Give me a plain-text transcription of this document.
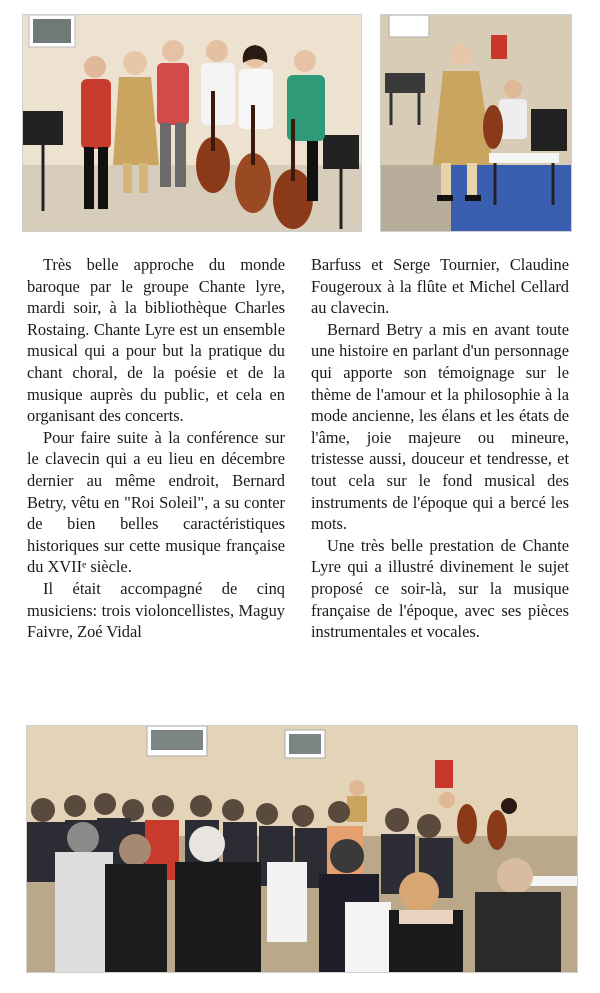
Très belle approche du monde baroque par le groupe Chante lyre, mardi soir, à la bibliothèque Charles Rostaing. Chante Lyre est un ensemble musical qui a pour but la pratique du chant choral, de la poésie et de la musique auprès du public, et cela en organisant des concerts.

Pour faire suite à la conférence sur le clavecin qui a eu lieu en décembre dernier au même endroit, Bernard Betry, vêtu en "Roi Soleil", a su conter de bien belles caractéristiques historiques sur cette musique française du XVIIᵉ siècle.

Il était accompagné de cinq musiciens: trois violoncellistes, Maguy Faivre, Zoé Vidal

Barfuss et Serge Tournier, Claudine Fougeroux à la flûte et Michel Cellard au clavecin.

Bernard Betry a mis en avant toute une histoire en parlant d'un personnage qui apporte son témoignage sur le thème de l'amour et la philosophie à la mode ancienne, les élans et les états de l'âme, joie majeure ou mineure, tristesse aussi, douceur et tendresse, et tout cela sur le fond musical des instruments de l'époque qui a bercé les mots.

Une très belle prestation de Chante Lyre qui a illustré divinement le sujet proposé ce soir-là, sur la musique française de l'époque, avec ses pièces instrumentales et vocales.
